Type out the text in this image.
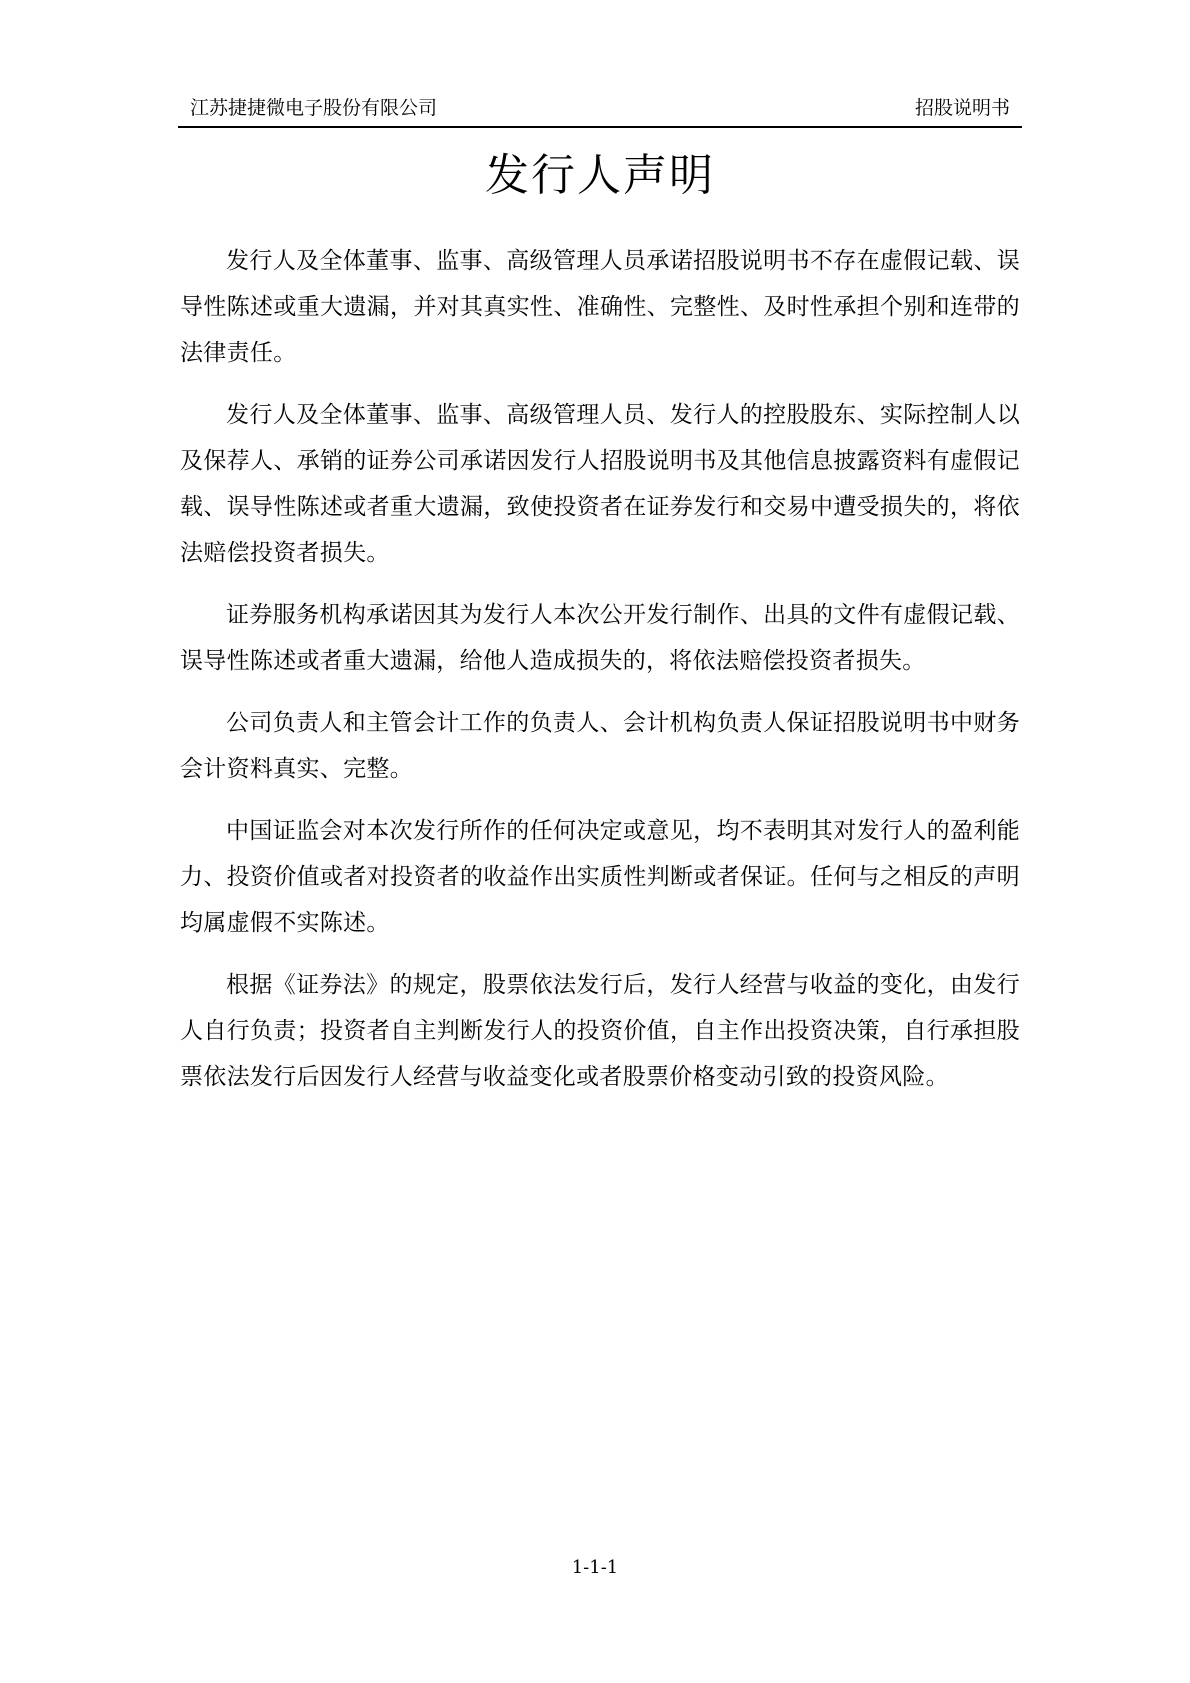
江苏捷捷微电子股份有限公司	招股说明书
发行人声明

发行人及全体董事、监事、高级管理人员承诺招股说明书不存在虚假记载、误导性陈述或重大遗漏，并对其真实性、准确性、完整性、及时性承担个别和连带的法律责任。

发行人及全体董事、监事、高级管理人员、发行人的控股股东、实际控制人以及保荐人、承销的证券公司承诺因发行人招股说明书及其他信息披露资料有虚假记载、误导性陈述或者重大遗漏，致使投资者在证券发行和交易中遭受损失的，将依法赔偿投资者损失。

证券服务机构承诺因其为发行人本次公开发行制作、出具的文件有虚假记载、误导性陈述或者重大遗漏，给他人造成损失的，将依法赔偿投资者损失。

公司负责人和主管会计工作的负责人、会计机构负责人保证招股说明书中财务会计资料真实、完整。

中国证监会对本次发行所作的任何决定或意见，均不表明其对发行人的盈利能力、投资价值或者对投资者的收益作出实质性判断或者保证。任何与之相反的声明均属虚假不实陈述。

根据《证券法》的规定，股票依法发行后，发行人经营与收益的变化，由发行人自行负责；投资者自主判断发行人的投资价值，自主作出投资决策，自行承担股票依法发行后因发行人经营与收益变化或者股票价格变动引致的投资风险。

1-1-1
